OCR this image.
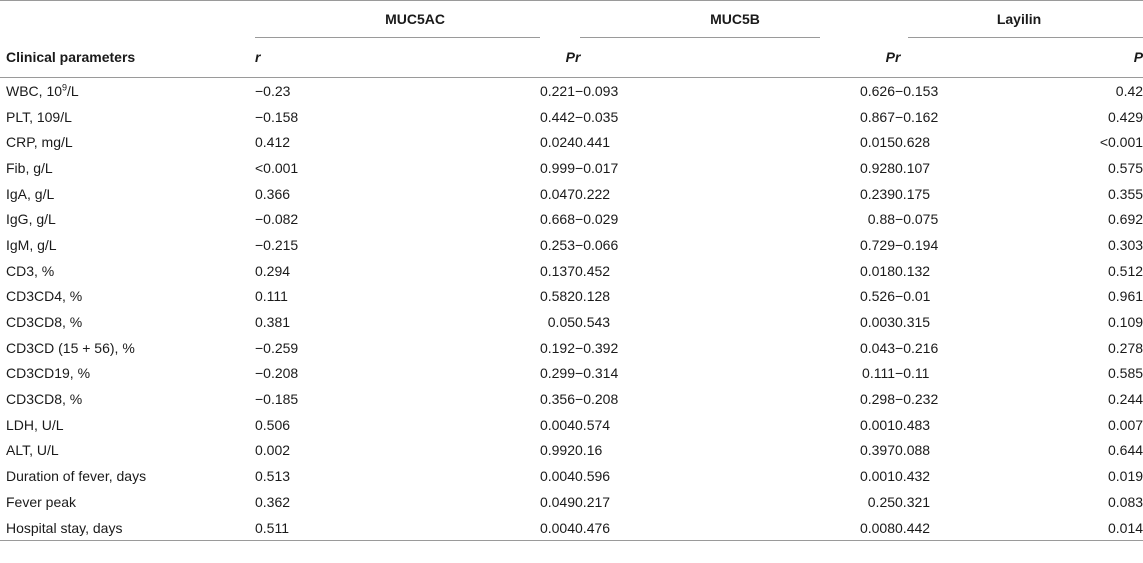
	MUC5AC		MUC5B		Layilin	
Clinical parameters	r	P	r	P	r	P
WBC, $10^9/L$	−0.23	0.221	−0.093	0.626	−0.153	0.42
PLT, 109/L	−0.158	0.442	−0.035	0.867	−0.162	0.429
CRP, mg/L	0.412	0.024	0.441	0.015	0.628	<0.001
Fib, g/L	<0.001	0.999	−0.017	0.928	0.107	0.575
IgA, g/L	0.366	0.047	0.222	0.239	0.175	0.355
IgG, g/L	−0.082	0.668	−0.029	0.88	−0.075	0.692
IgM, g/L	−0.215	0.253	−0.066	0.729	−0.194	0.303
CD3, %	0.294	0.137	0.452	0.018	0.132	0.512
CD3CD4, %	0.111	0.582	0.128	0.526	−0.01	0.961
CD3CD8, %	0.381	0.05	0.543	0.003	0.315	0.109
CD3CD (15 + 56), %	−0.259	0.192	−0.392	0.043	−0.216	0.278
CD3CD19, %	−0.208	0.299	−0.314	0.111	−0.11	0.585
CD3CD8, %	−0.185	0.356	−0.208	0.298	−0.232	0.244
LDH, U/L	0.506	0.004	0.574	0.001	0.483	0.007
ALT, U/L	0.002	0.992	0.16	0.397	0.088	0.644
Duration of fever, days	0.513	0.004	0.596	0.001	0.432	0.019
Fever peak	0.362	0.049	0.217	0.25	0.321	0.083
Hospital stay, days	0.511	0.004	0.476	0.008	0.442	0.014
